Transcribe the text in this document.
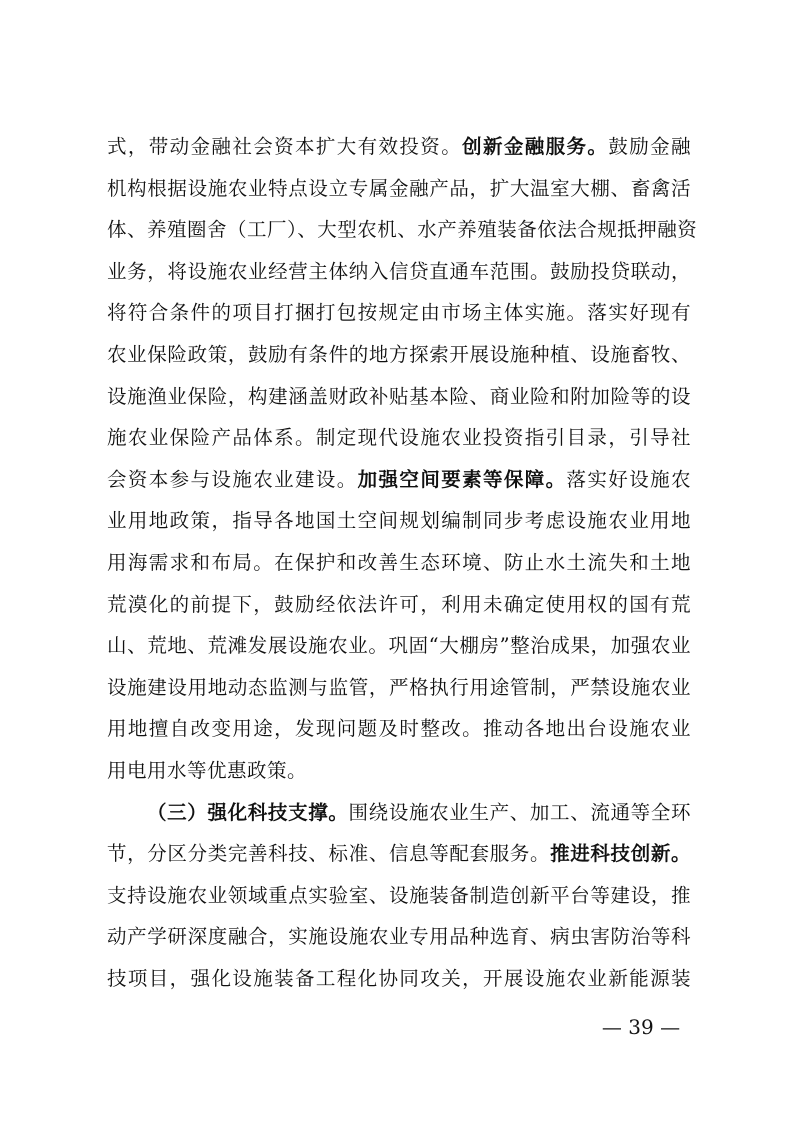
式，带动金融社会资本扩大有效投资。创新金融服务。鼓励金融
机构根据设施农业特点设立专属金融产品，扩大温室大棚、畜禽活
体、养殖圈舍（工厂）、大型农机、水产养殖装备依法合规抵押融资
业务，将设施农业经营主体纳入信贷直通车范围。鼓励投贷联动，
将符合条件的项目打捆打包按规定由市场主体实施。落实好现有
农业保险政策，鼓励有条件的地方探索开展设施种植、设施畜牧、
设施渔业保险，构建涵盖财政补贴基本险、商业险和附加险等的设
施农业保险产品体系。制定现代设施农业投资指引目录，引导社
会资本参与设施农业建设。加强空间要素等保障。落实好设施农
业用地政策，指导各地国土空间规划编制同步考虑设施农业用地
用海需求和布局。在保护和改善生态环境、防止水土流失和土地
荒漠化的前提下，鼓励经依法许可，利用未确定使用权的国有荒
山、荒地、荒滩发展设施农业。巩固“大棚房”整治成果，加强农业
设施建设用地动态监测与监管，严格执行用途管制，严禁设施农业
用地擅自改变用途，发现问题及时整改。推动各地出台设施农业
用电用水等优惠政策。
（三）强化科技支撑。围绕设施农业生产、加工、流通等全环
节，分区分类完善科技、标准、信息等配套服务。推进科技创新。
支持设施农业领域重点实验室、设施装备制造创新平台等建设，推
动产学研深度融合，实施设施农业专用品种选育、病虫害防治等科
技项目，强化设施装备工程化协同攻关，开展设施农业新能源装
— 39 —
